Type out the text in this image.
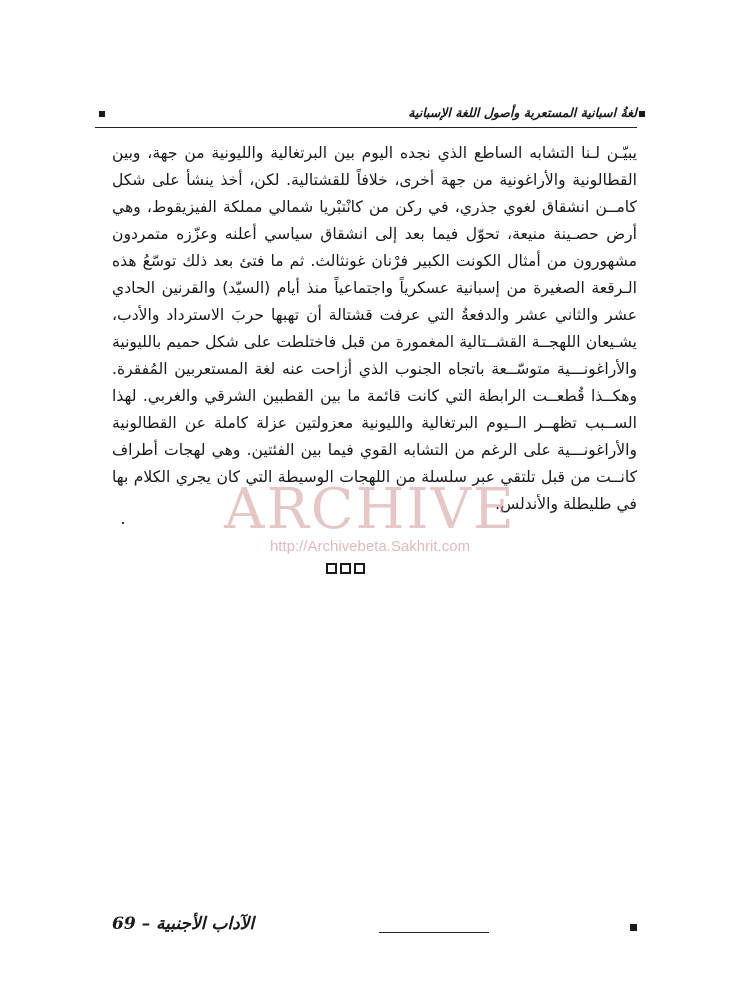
لغةُ اسبانية المستعربة وأصول اللغة الإسبانية
يبيّـن لـنا التشابه الساطع الذي نجده اليوم بين البرتغالية والليونية من جهة، وبين
القطالونية والأراغونية من جهة أخرى، خلافاً للقشتالية. لكن، أخذ ينشأ على شكل
كامــن انشقاق لغوي جذري، في ركن من كانْتبْريا شمالي مملكة الفيزيقوط، وهي
أرض حصـينة منيعة، تحوّل فيما بعد إلى انشقاق سياسي أعلنه وعزّزه متمردون
مشهورون من أمثال الكونت الكبير فرْنان غونثالث. ثم ما فتئ بعد ذلك توسّعُ هذه
الـرقعة الصغيرة من إسبانية عسكرياً واجتماعياً منذ أيام (السيّد) والقرنين الحادي
عشر والثاني عشر والدفعةُ التي عرفت قشتالة أن تهبها حربَ الاسترداد والأدب،
يشـيعان اللهجــة القشــتالية المغمورة من قبل فاختلطت على شكل حميم بالليونية
والأراغونـــية متوسّــعة باتجاه الجنوب الذي أزاحت عنه لغة المستعربين المُفقرة.
وهكــذا قُطعــت الرابطة التي كانت قائمة ما بين القطبين الشرقي والغربي. لهذا
الســبب تظهــر الــيوم البرتغالية والليونية معزولتين عزلة كاملة عن القطالونية
والأراغونـــية على الرغم من التشابه القوي فيما بين الفئتين. وهي لهجات أطراف
كانــت من قبل تلتقي عبر سلسلة من اللهجات الوسيطة التي كان يجري الكلام بها
في طليطلة والأندلس.
ARCHIVE
http://Archivebeta.Sakhrit.com
الآداب الأجنبية – 69
